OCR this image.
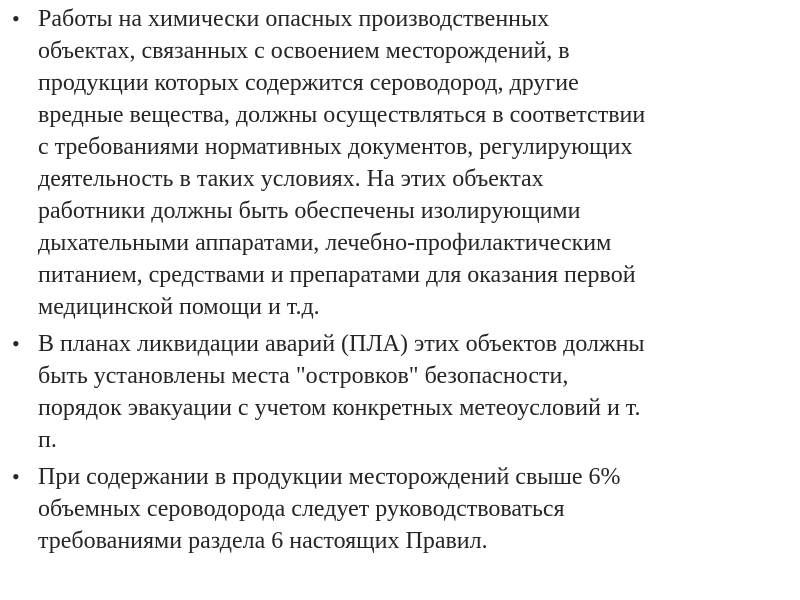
• Работы на химически опасных производственных
объектах, связанных с освоением месторождений, в
продукции которых содержится сероводород, другие
вредные вещества, должны осуществляться в соответствии
с требованиями нормативных документов, регулирующих
деятельность в таких условиях. На этих объектах
работники должны быть обеспечены изолирующими
дыхательными аппаратами, лечебно-профилактическим
питанием, средствами и препаратами для оказания первой
медицинской помощи и т.д.
• В планах ликвидации аварий (ПЛА) этих объектов должны
быть установлены места "островков" безопасности,
порядок эвакуации с учетом конкретных метеоусловий и т.
п.
• При содержании в продукции месторождений свыше 6%
объемных сероводорода следует руководствоваться
требованиями раздела 6 настоящих Правил.
